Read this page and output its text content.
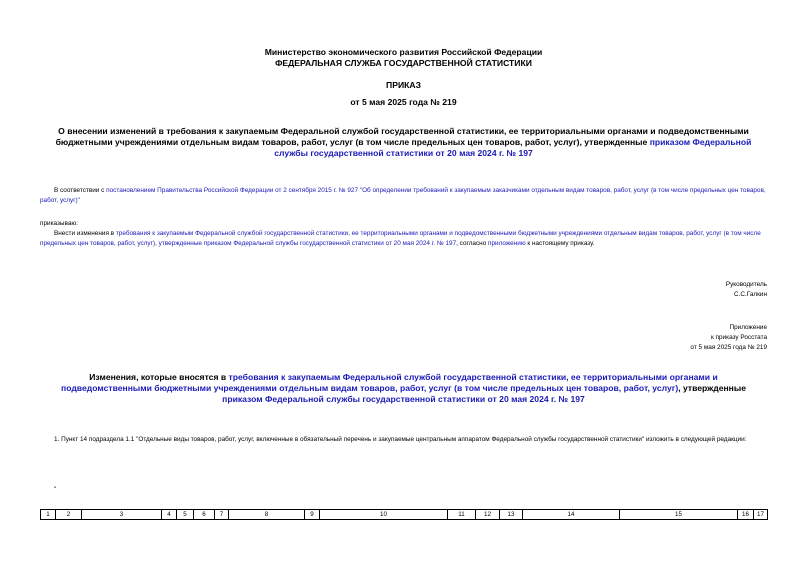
Министерство экономического развития Российской Федерации
ФЕДЕРАЛЬНАЯ СЛУЖБА ГОСУДАРСТВЕННОЙ СТАТИСТИКИ
ПРИКАЗ
от 5 мая 2025 года № 219
О внесении изменений в требования к закупаемым Федеральной службой государственной статистики, ее территориальными органами и подведомственными бюджетными учреждениями отдельным видам товаров, работ, услуг (в том числе предельных цен товаров, работ, услуг), утвержденные приказом Федеральной службы государственной статистики от 20 мая 2024 г. № 197
В соответствии с постановлением Правительства Российской Федерации от 2 сентября 2015 г. № 927 "Об определении требований к закупаемым заказчиками отдельным видам товаров, работ, услуг (в том числе предельных цен товаров, работ, услуг)"
приказываю:
Внести изменения в требования к закупаемым Федеральной службой государственной статистики, ее территориальными органами и подведомственными бюджетными учреждениями отдельным видам товаров, работ, услуг (в том числе предельных цен товаров, работ, услуг), утвержденные приказом Федеральной службы государственной статистики от 20 мая 2024 г. № 197, согласно приложению к настоящему приказу.
Руководитель
С.С.Галкин
Приложение
к приказу Росстата
от 5 мая 2025 года № 219
Изменения, которые вносятся в требования к закупаемым Федеральной службой государственной статистики, ее территориальными органами и подведомственными бюджетными учреждениями отдельным видам товаров, работ, услуг (в том числе предельных цен товаров, работ, услуг), утвержденные приказом Федеральной службы государственной статистики от 20 мая 2024 г. № 197
1. Пункт 14 подраздела 1.1 "Отдельные виды товаров, работ, услуг, включенные в обязательный перечень и закупаемые центральным аппаратом Федеральной службы государственной статистики" изложить в следующей редакции:
"
1	2	3	4	5	6	7	8	9	10	11	12	13	14	15	16	17
